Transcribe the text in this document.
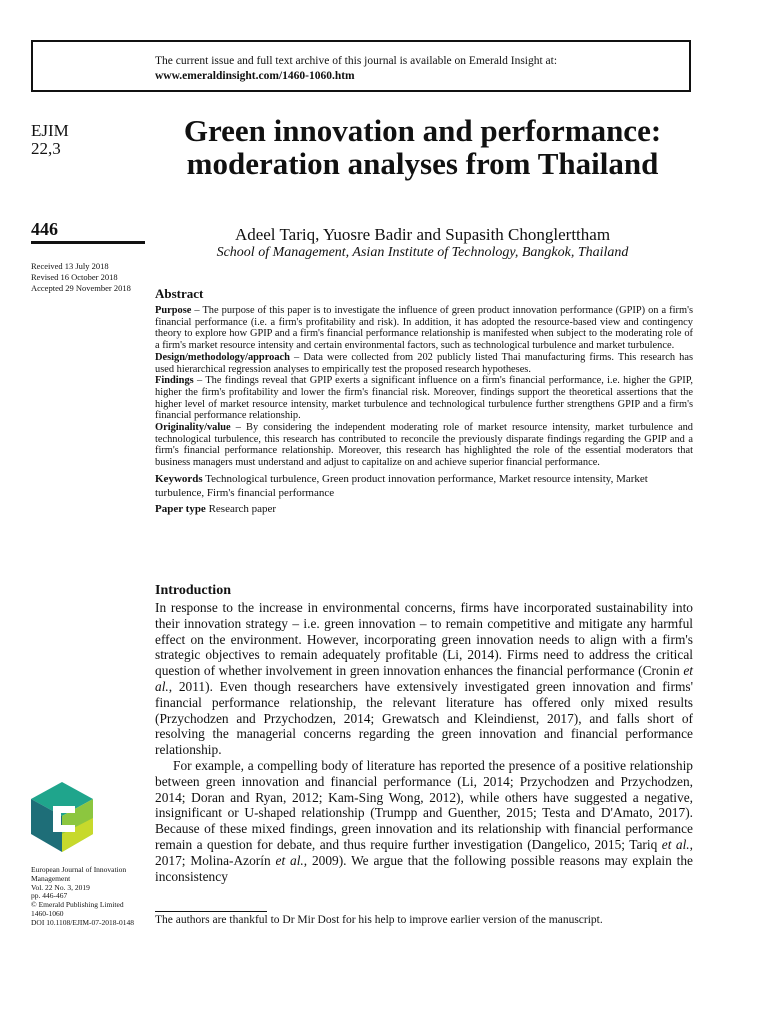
The current issue and full text archive of this journal is available on Emerald Insight at:
www.emeraldinsight.com/1460-1060.htm
EJIM
22,3
446
Received 13 July 2018
Revised 16 October 2018
Accepted 29 November 2018
Green innovation and performance: moderation analyses from Thailand
Adeel Tariq, Yuosre Badir and Supasith Chonglerttham
School of Management, Asian Institute of Technology, Bangkok, Thailand
Abstract

Purpose – The purpose of this paper is to investigate the influence of green product innovation performance (GPIP) on a firm's financial performance (i.e. a firm's profitability and risk). In addition, it has adopted the resource-based view and contingency theory to explore how GPIP and a firm's financial performance relationship is manifested when subject to the moderating role of a firm's market resource intensity and certain environmental factors, such as technological turbulence and market turbulence.

Design/methodology/approach – Data were collected from 202 publicly listed Thai manufacturing firms. This research has used hierarchical regression analyses to empirically test the proposed research hypotheses.

Findings – The findings reveal that GPIP exerts a significant influence on a firm's financial performance, i.e. higher the GPIP, higher the firm's profitability and lower the firm's financial risk. Moreover, findings support the theoretical assertions that the higher level of market resource intensity, market turbulence and technological turbulence further strengthens GPIP and a firm's financial performance relationship.

Originality/value – By considering the independent moderating role of market resource intensity, market turbulence and technological turbulence, this research has contributed to reconcile the previously disparate findings regarding the GPIP and a firm's financial performance relationship. Moreover, this research has highlighted the role of the essential moderators that business managers must understand and adjust to capitalize on and achieve superior financial performance.

Keywords Technological turbulence, Green product innovation performance, Market resource intensity, Market turbulence, Firm's financial performance

Paper type Research paper

Introduction

In response to the increase in environmental concerns, firms have incorporated sustainability into their innovation strategy – i.e. green innovation – to remain competitive and mitigate any harmful effect on the environment. However, incorporating green innovation needs to align with a firm's strategic objectives to remain adequately profitable (Li, 2014). Firms need to address the critical question of whether involvement in green innovation enhances the financial performance (Cronin et al., 2011). Even though researchers have extensively investigated green innovation and firms' financial performance relationship, the relevant literature has offered only mixed results (Przychodzen and Przychodzen, 2014; Grewatsch and Kleindienst, 2017), and falls short of resolving the managerial concerns regarding the green innovation and financial performance relationship.

For example, a compelling body of literature has reported the presence of a positive relationship between green innovation and financial performance (Li, 2014; Przychodzen and Przychodzen, 2014; Doran and Ryan, 2012; Kam-Sing Wong, 2012), while others have suggested a negative, insignificant or U-shaped relationship (Trumpp and Guenther, 2015; Testa and D'Amato, 2017). Because of these mixed findings, green innovation and its relationship with financial performance remain a question for debate, and thus require further investigation (Dangelico, 2015; Tariq et al., 2017; Molina-Azorín et al., 2009). We argue that the following possible reasons may explain the inconsistency

European Journal of Innovation Management
Vol. 22 No. 3, 2019
pp. 446-467
© Emerald Publishing Limited
1460-1060
DOI 10.1108/EJIM-07-2018-0148	The authors are thankful to Dr Mir Dost for his help to improve earlier version of the manuscript.
